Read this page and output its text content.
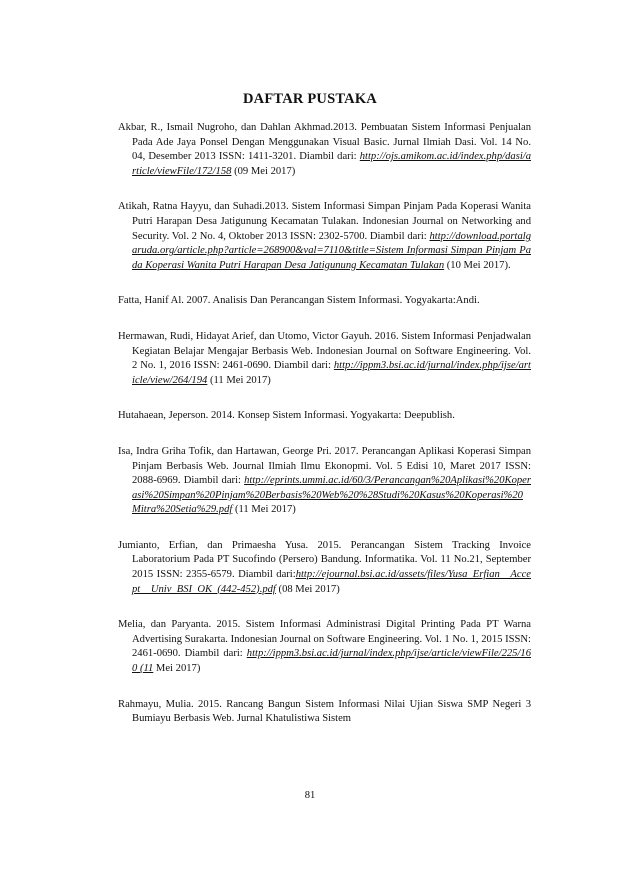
DAFTAR PUSTAKA

Akbar, R., Ismail Nugroho, dan Dahlan Akhmad.2013. Pembuatan Sistem Informasi Penjualan Pada Ade Jaya Ponsel Dengan Menggunakan Visual Basic. Jurnal Ilmiah Dasi. Vol. 14 No. 04, Desember 2013 ISSN: 1411-3201. Diambil dari: http://ojs.amikom.ac.id/index.php/dasi/article/viewFile/172/158 (09 Mei 2017)

Atikah, Ratna Hayyu, dan Suhadi.2013. Sistem Informasi Simpan Pinjam Pada Koperasi Wanita Putri Harapan Desa Jatigunung Kecamatan Tulakan. Indonesian Journal on Networking and Security. Vol. 2 No. 4, Oktober 2013 ISSN: 2302-5700. Diambil dari: http://download.portalgaruda.org/article.php?article=268900&val=7110&title=Sistem Informasi Simpan Pinjam Pada Koperasi Wanita Putri Harapan Desa Jatigunung Kecamatan Tulakan (10 Mei 2017).

Fatta, Hanif Al. 2007. Analisis Dan Perancangan Sistem Informasi. Yogyakarta:Andi.

Hermawan, Rudi, Hidayat Arief, dan Utomo, Victor Gayuh. 2016. Sistem Informasi Penjadwalan Kegiatan Belajar Mengajar Berbasis Web. Indonesian Journal on Software Engineering. Vol. 2 No. 1, 2016 ISSN: 2461-0690. Diambil dari: http://ippm3.bsi.ac.id/jurnal/index.php/ijse/article/view/264/194 (11 Mei 2017)

Hutahaean, Jeperson. 2014. Konsep Sistem Informasi. Yogyakarta: Deepublish.

Isa, Indra Griha Tofik, dan Hartawan, George Pri. 2017. Perancangan Aplikasi Koperasi Simpan Pinjam Berbasis Web. Journal Ilmiah Ilmu Ekonopmi. Vol. 5 Edisi 10, Maret 2017 ISSN: 2088-6969. Diambil dari: http://eprints.ummi.ac.id/60/3/Perancangan%20Aplikasi%20Koperasi%20Simpan%20Pinjam%20Berbasis%20Web%20%28Studi%20Kasus%20Koperasi%20Mitra%20Setia%29.pdf (11 Mei 2017)

Jumianto, Erfian, dan Primaesha Yusa. 2015. Perancangan Sistem Tracking Invoice Laboratorium Pada PT Sucofindo (Persero) Bandung. Informatika. Vol. 11 No.21, September 2015 ISSN: 2355-6579. Diambil dari:http://ejournal.bsi.ac.id/assets/files/Yusa_Erfian__Accept__Univ_BSI_OK_(442-452).pdf (08 Mei 2017)

Melia, dan Paryanta. 2015. Sistem Informasi Administrasi Digital Printing Pada PT Warna Advertising Surakarta. Indonesian Journal on Software Engineering. Vol. 1 No. 1, 2015 ISSN: 2461-0690. Diambil dari: http://ippm3.bsi.ac.id/jurnal/index.php/ijse/article/viewFile/225/160 (11 Mei 2017)

Rahmayu, Mulia. 2015. Rancang Bangun Sistem Informasi Nilai Ujian Siswa SMP Negeri 3 Bumiayu Berbasis Web. Jurnal Khatulistiwa Sistem

81
